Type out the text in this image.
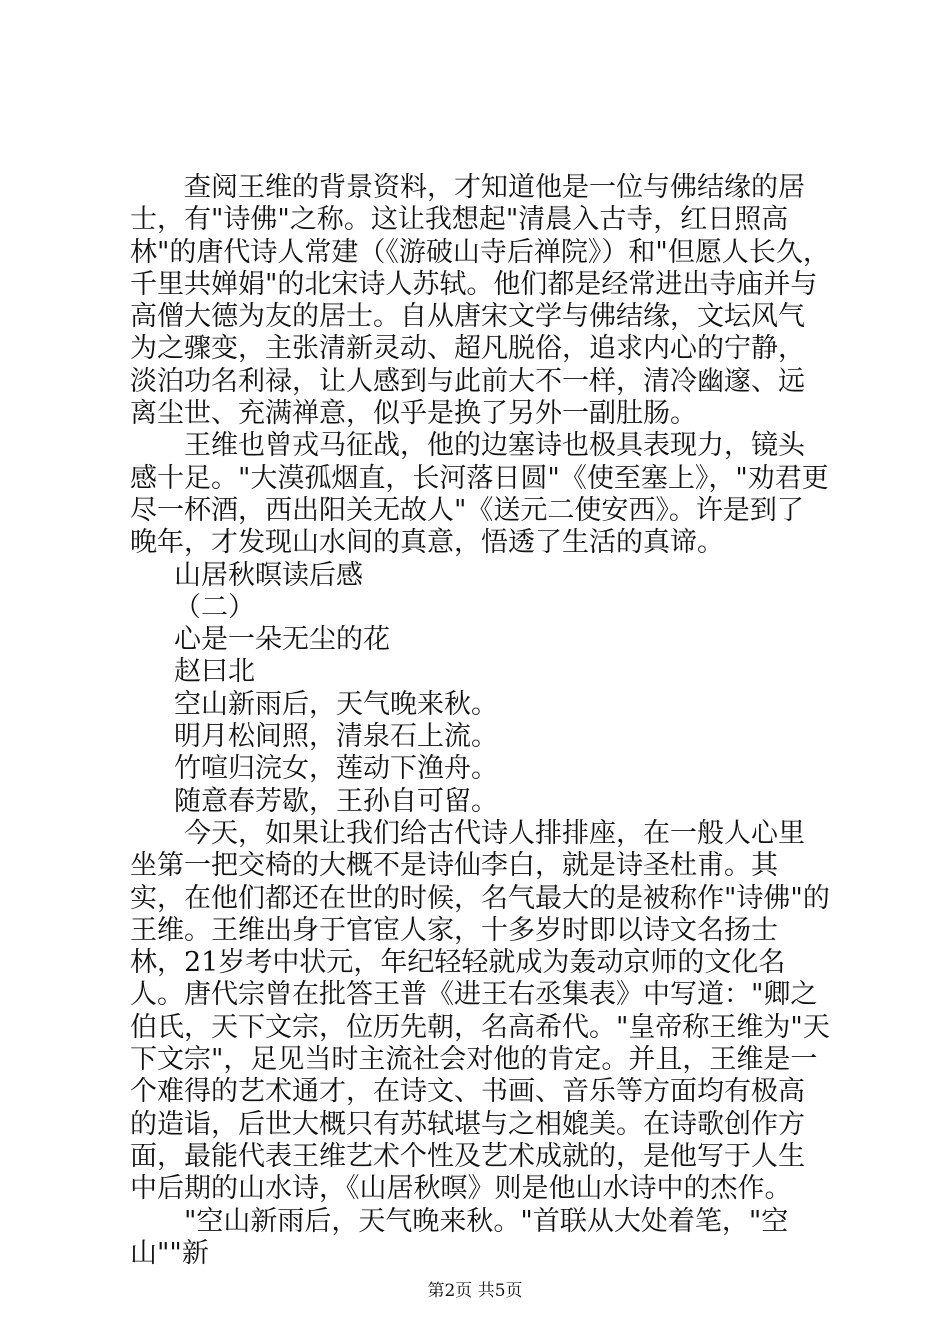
查阅王维的背景资料，才知道他是一位与佛结缘的居士，有"诗佛"之称。这让我想起"清晨入古寺，红日照高林"的唐代诗人常建（《游破山寺后禅院》）和"但愿人长久，千里共婵娟"的北宋诗人苏轼。他们都是经常进出寺庙并与高僧大德为友的居士。自从唐宋文学与佛结缘，文坛风气为之骤变，主张清新灵动、超凡脱俗，追求内心的宁静，淡泊功名利禄，让人感到与此前大不一样，清冷幽邃、远离尘世、充满禅意，似乎是换了另外一副肚肠。

王维也曾戎马征战，他的边塞诗也极具表现力，镜头感十足。"大漠孤烟直，长河落日圆"《使至塞上》，"劝君更尽一杯酒，西出阳关无故人"《送元二使安西》。许是到了晚年，才发现山水间的真意，悟透了生活的真谛。

山居秋暝读后感

（二）

心是一朵无尘的花

赵曰北

空山新雨后，天气晚来秋。

明月松间照，清泉石上流。

竹喧归浣女，莲动下渔舟。

随意春芳歇，王孙自可留。

今天，如果让我们给古代诗人排排座，在一般人心里坐第一把交椅的大概不是诗仙李白，就是诗圣杜甫。其实，在他们都还在世的时候，名气最大的是被称作"诗佛"的王维。王维出身于官宦人家，十多岁时即以诗文名扬士林，21岁考中状元，年纪轻轻就成为轰动京师的文化名人。唐代宗曾在批答王普《进王右丞集表》中写道："卿之伯氏，天下文宗，位历先朝，名高希代。"皇帝称王维为"天下文宗"，足见当时主流社会对他的肯定。并且，王维是一个难得的艺术通才，在诗文、书画、音乐等方面均有极高的造诣，后世大概只有苏轼堪与之相媲美。在诗歌创作方面，最能代表王维艺术个性及艺术成就的，是他写于人生中后期的山水诗，《山居秋暝》则是他山水诗中的杰作。

"空山新雨后，天气晚来秋。"首联从大处着笔，"空山""新

第2页 共5页
